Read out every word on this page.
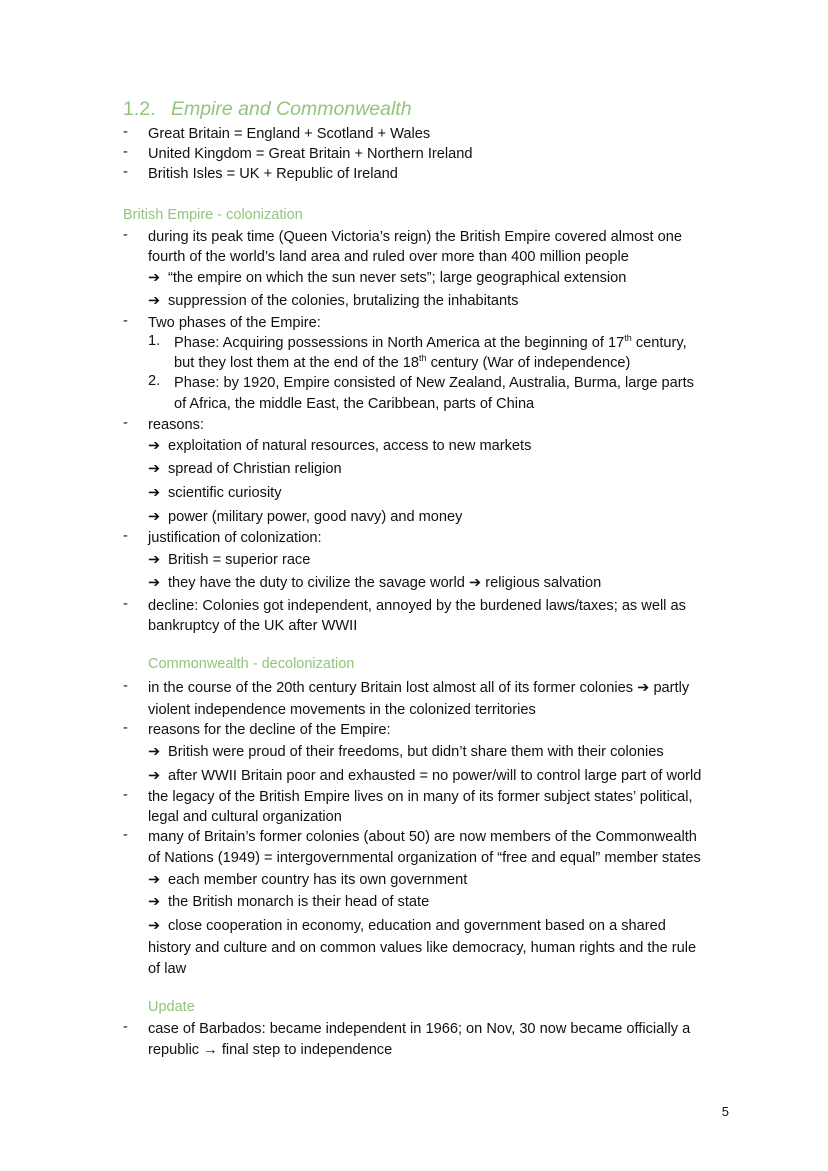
1.2. Empire and Commonwealth
- Great Britain = England + Scotland + Wales
- United Kingdom = Great Britain + Northern Ireland
- British Isles = UK + Republic of Ireland
British Empire - colonization
- during its peak time (Queen Victoria’s reign) the British Empire covered almost one
fourth of the world’s land area and ruled over more than 400 million people
➔ “the empire on which the sun never sets”; large geographical extension
➔ suppression of the colonies, brutalizing the inhabitants
- Two phases of the Empire:
1. Phase: Acquiring possessions in North America at the beginning of 17th century,
but they lost them at the end of the 18th century (War of independence)
2. Phase: by 1920, Empire consisted of New Zealand, Australia, Burma, large parts
of Africa, the middle East, the Caribbean, parts of China
- reasons:
➔ exploitation of natural resources, access to new markets
➔ spread of Christian religion
➔ scientific curiosity
➔ power (military power, good navy) and money
- justification of colonization:
➔ British = superior race
➔ they have the duty to civilize the savage world ➔ religious salvation
- decline: Colonies got independent, annoyed by the burdened laws/taxes; as well as
bankruptcy of the UK after WWII
Commonwealth - decolonization
- in the course of the 20th century Britain lost almost all of its former colonies ➔ partly
violent independence movements in the colonized territories
- reasons for the decline of the Empire:
➔ British were proud of their freedoms, but didn’t share them with their colonies
➔ after WWII Britain poor and exhausted = no power/will to control large part of world
- the legacy of the British Empire lives on in many of its former subject states’ political,
legal and cultural organization
- many of Britain’s former colonies (about 50) are now members of the Commonwealth
of Nations (1949) = intergovernmental organization of “free and equal” member states
➔ each member country has its own government
➔ the British monarch is their head of state
➔ close cooperation in economy, education and government based on a shared
history and culture and on common values like democracy, human rights and the rule
of law
Update
- case of Barbados: became independent in 1966; on Nov, 30 now became officially a
republic → final step to independence
5
